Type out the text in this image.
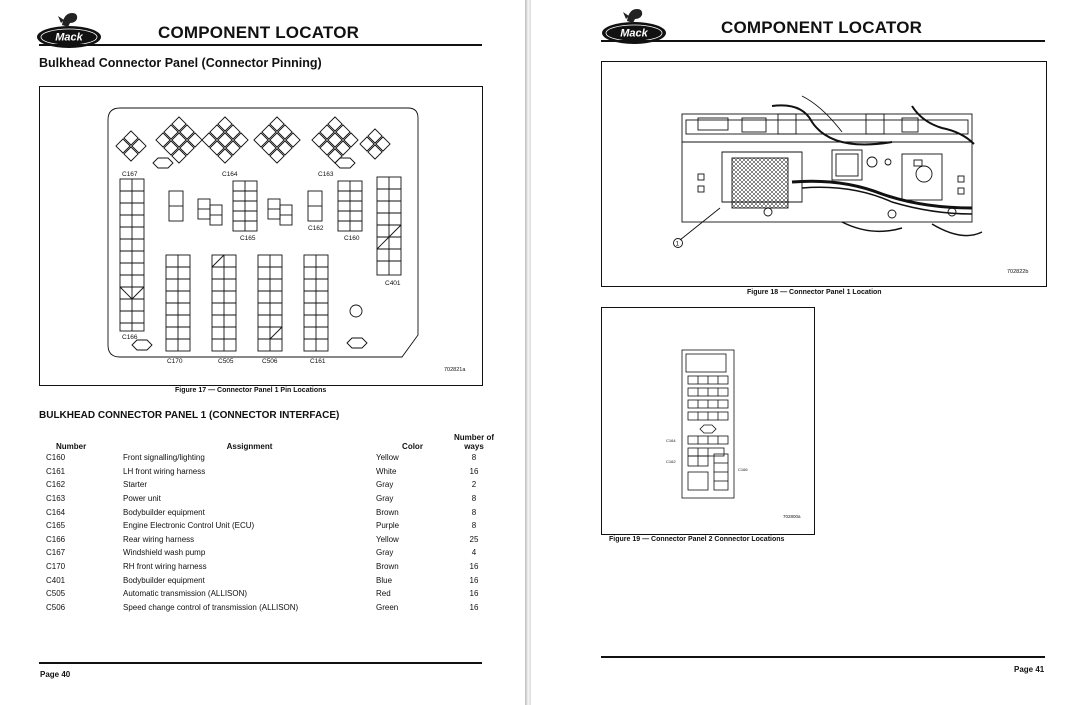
Mack	COMPONENT LOCATOR
Bulkhead Connector Panel (Connector Pinning)
C167	C164	C163
C165
C162
C160
C401
C166
C170	C505	C506	C161
702821a
Figure 17 — Connector Panel 1 Pin Locations
BULKHEAD CONNECTOR PANEL 1 (CONNECTOR INTERFACE)
Number	Assignment	Color	Number of
ways

C160	Front signalling/lighting	Yellow	8
C161	LH front wiring harness	White	16
C162	Starter	Gray	2
C163	Power unit	Gray	8
C164	Bodybuilder equipment	Brown	8
C165	Engine Electronic Control Unit (ECU)	Purple	8
C166	Rear wiring harness	Yellow	25
C167	Windshield wash pump	Gray	4
C170	RH front wiring harness	Brown	16
C401	Bodybuilder equipment	Blue	16
C505	Automatic transmission (ALLISON)	Red	16
C506	Speed change control of transmission (ALLISON)	Green	16
Page 40
Mack	COMPONENT LOCATOR
1
702822b
Figure 18 — Connector Panel 1 Location
C164
C162
C166
702800a
Figure 19 — Connector Panel 2 Connector Locations
Page 41
